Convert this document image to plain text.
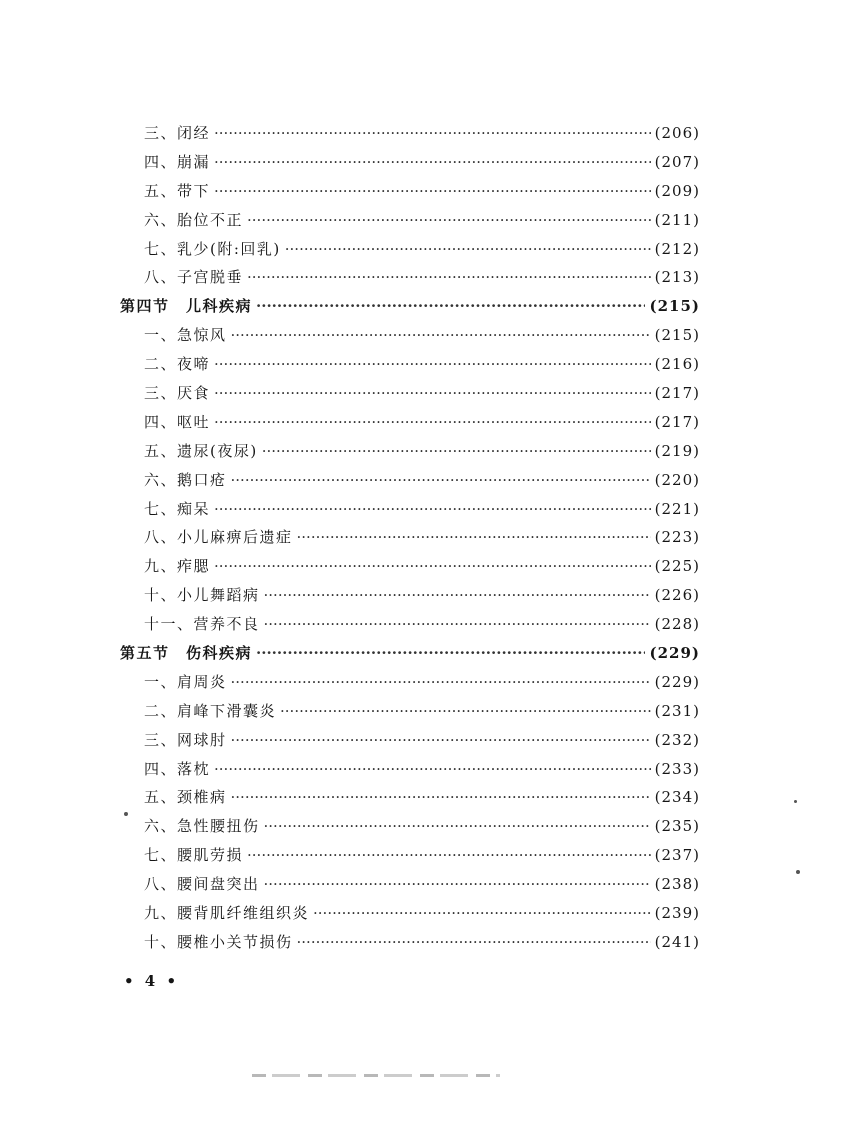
三、闭经 ·····	(206)
四、崩漏 ·····	(207)
五、带下 ·····	(209)
六、胎位不正 ·····	(211)
七、乳少(附:回乳) ·····	(212)
八、子宫脱垂 ·····	(213)
第四节　儿科疾病 ·····	(215)
一、急惊风 ·····	(215)
二、夜啼 ·····	(216)
三、厌食 ·····	(217)
四、呕吐 ·····	(217)
五、遗尿(夜尿) ·····	(219)
六、鹅口疮 ·····	(220)
七、痴呆 ·····	(221)
八、小儿麻痹后遗症 ·····	(223)
九、痄腮 ·····	(225)
十、小儿舞蹈病 ·····	(226)
十一、营养不良 ·····	(228)
第五节　伤科疾病 ·····	(229)
一、肩周炎 ·····	(229)
二、肩峰下滑囊炎 ·····	(231)
三、网球肘 ·····	(232)
四、落枕 ·····	(233)
五、颈椎病 ·····	(234)
六、急性腰扭伤 ·····	(235)
七、腰肌劳损 ·····	(237)
八、腰间盘突出 ·····	(238)
九、腰背肌纤维组织炎 ·····	(239)
十、腰椎小关节损伤 ·····	(241)
• 4 •
